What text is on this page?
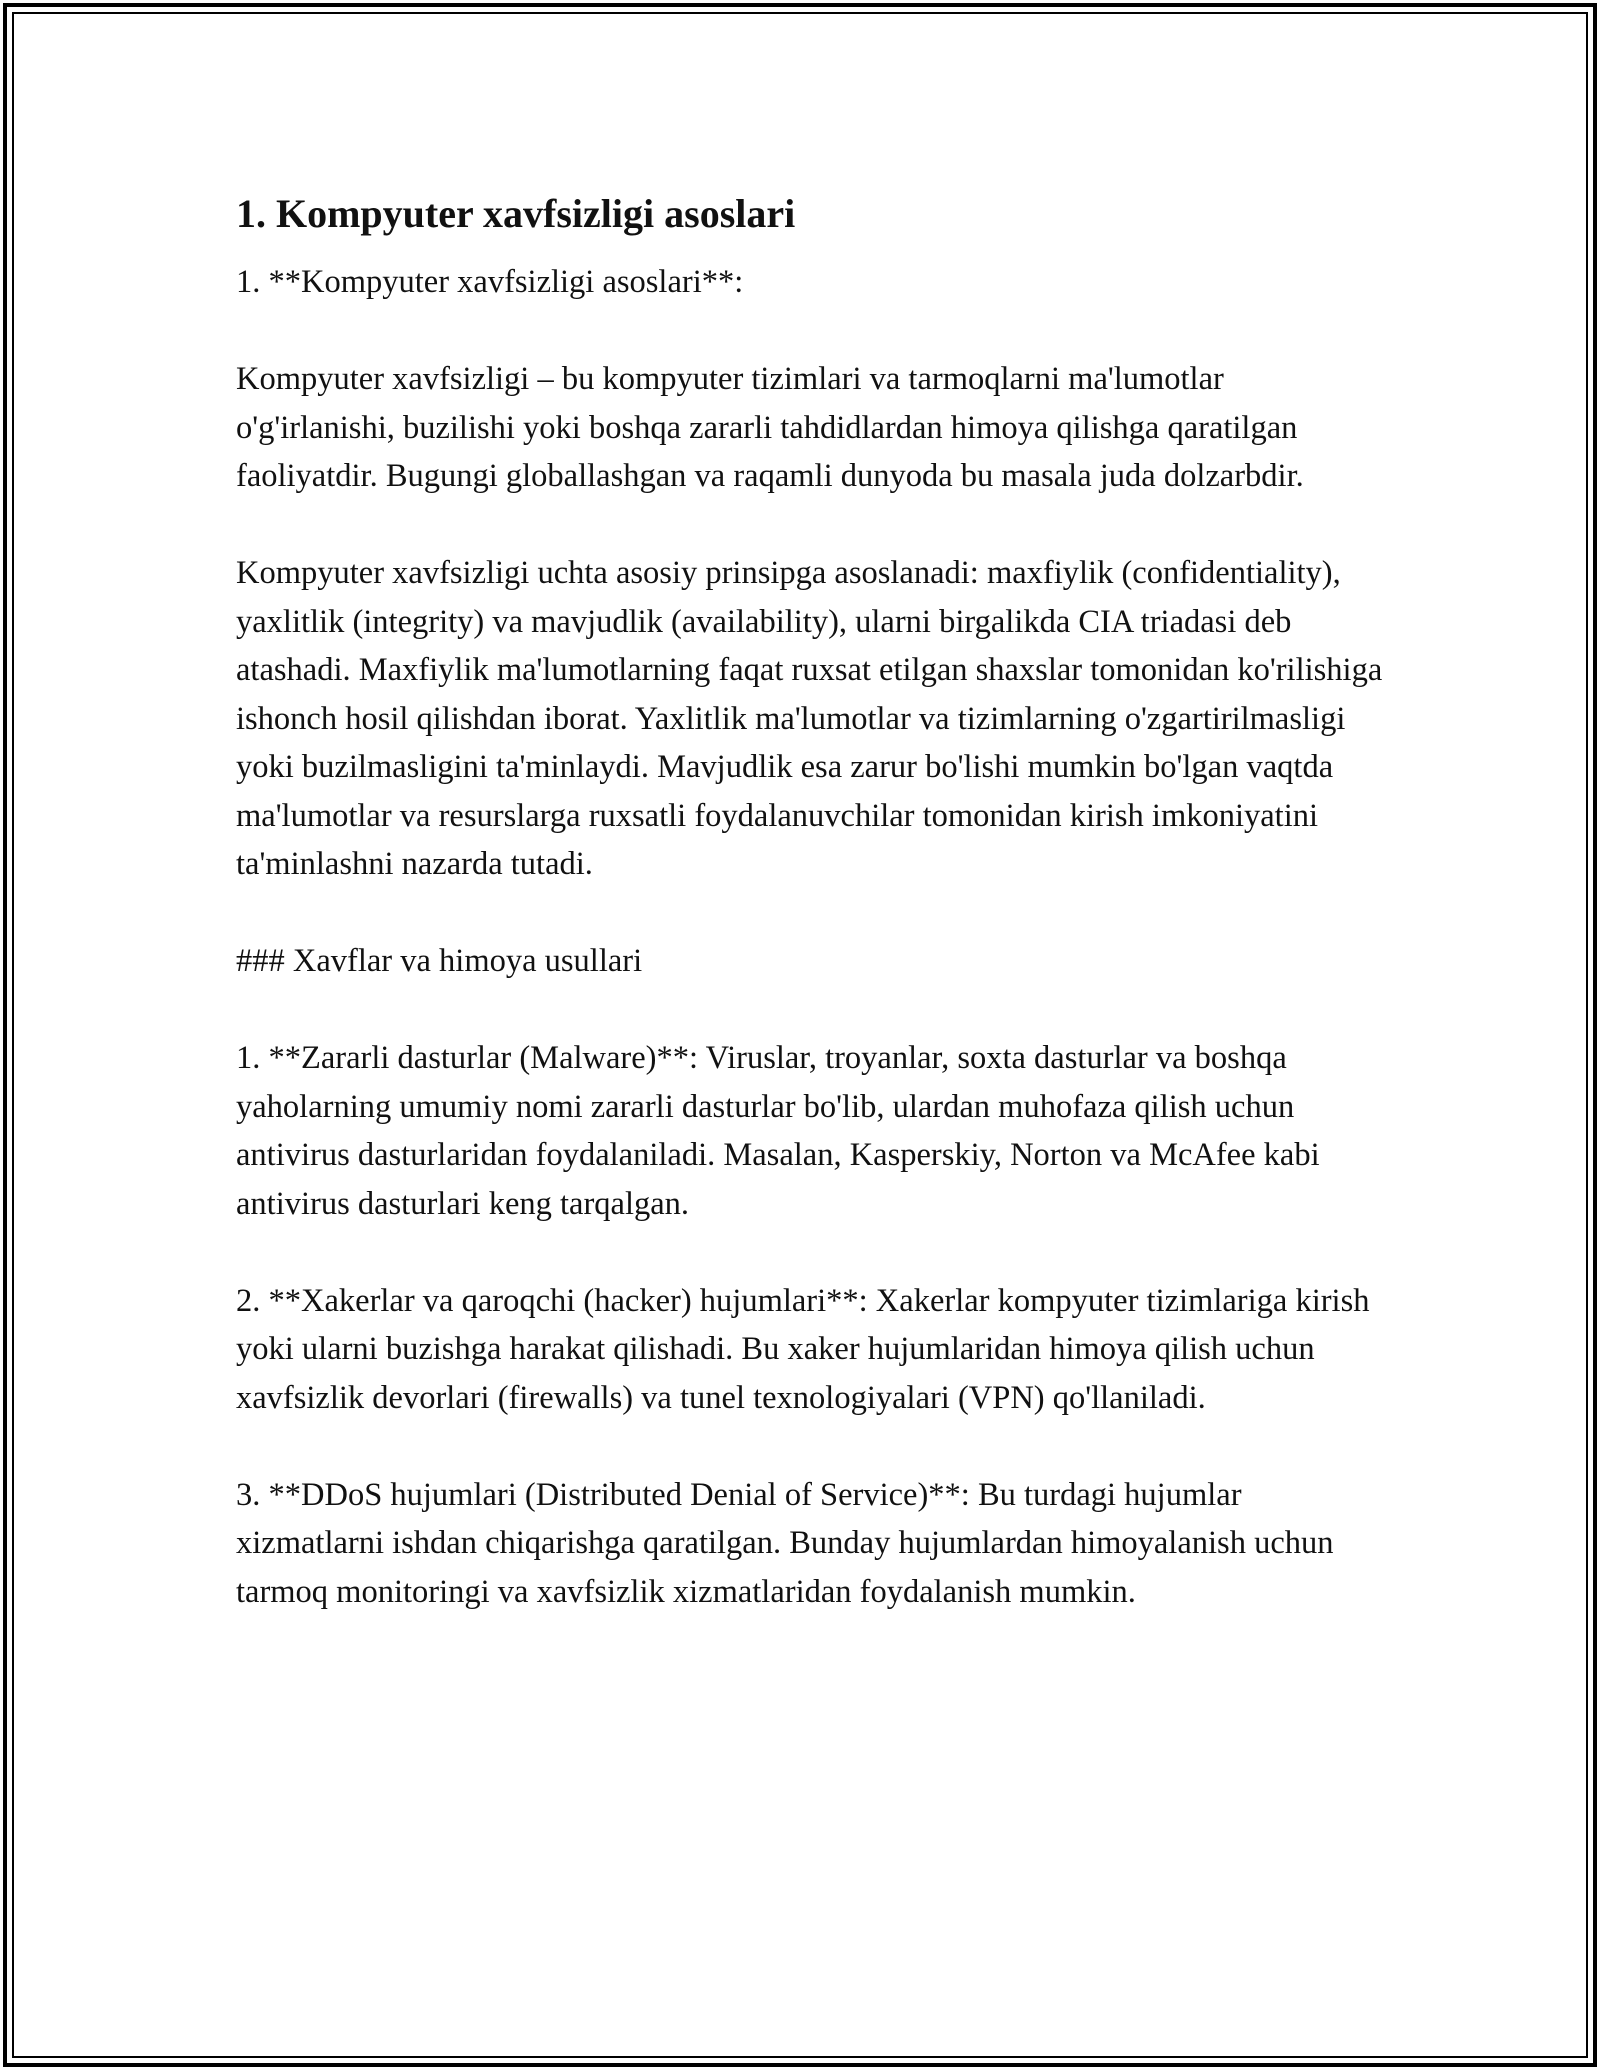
1. Kompyuter xavfsizligi asoslari

1. **Kompyuter xavfsizligi asoslari**:

Kompyuter xavfsizligi – bu kompyuter tizimlari va tarmoqlarni ma'lumotlar o'g'irlanishi, buzilishi yoki boshqa zararli tahdidlardan himoya qilishga qaratilgan faoliyatdir. Bugungi globallashgan va raqamli dunyoda bu masala juda dolzarbdir.

Kompyuter xavfsizligi uchta asosiy prinsipga asoslanadi: maxfiylik (confidentiality), yaxlitlik (integrity) va mavjudlik (availability), ularni birgalikda CIA triadasi deb atashadi. Maxfiylik ma'lumotlarning faqat ruxsat etilgan shaxslar tomonidan ko'rilishiga ishonch hosil qilishdan iborat. Yaxlitlik ma'lumotlar va tizimlarning o'zgartirilmasligi yoki buzilmasligini ta'minlaydi. Mavjudlik esa zarur bo'lishi mumkin bo'lgan vaqtda ma'lumotlar va resurslarga ruxsatli foydalanuvchilar tomonidan kirish imkoniyatini ta'minlashni nazarda tutadi.

### Xavflar va himoya usullari

1. **Zararli dasturlar (Malware)**: Viruslar, troyanlar, soxta dasturlar va boshqa yaholarning umumiy nomi zararli dasturlar bo'lib, ulardan muhofaza qilish uchun antivirus dasturlaridan foydalaniladi. Masalan, Kasperskiy, Norton va McAfee kabi antivirus dasturlari keng tarqalgan.

2. **Xakerlar va qaroqchi (hacker) hujumlari**: Xakerlar kompyuter tizimlariga kirish yoki ularni buzishga harakat qilishadi. Bu xaker hujumlaridan himoya qilish uchun xavfsizlik devorlari (firewalls) va tunel texnologiyalari (VPN) qo'llaniladi.

3. **DDoS hujumlari (Distributed Denial of Service)**: Bu turdagi hujumlar xizmatlarni ishdan chiqarishga qaratilgan. Bunday hujumlardan himoyalanish uchun tarmoq monitoringi va xavfsizlik xizmatlaridan foydalanish mumkin.
